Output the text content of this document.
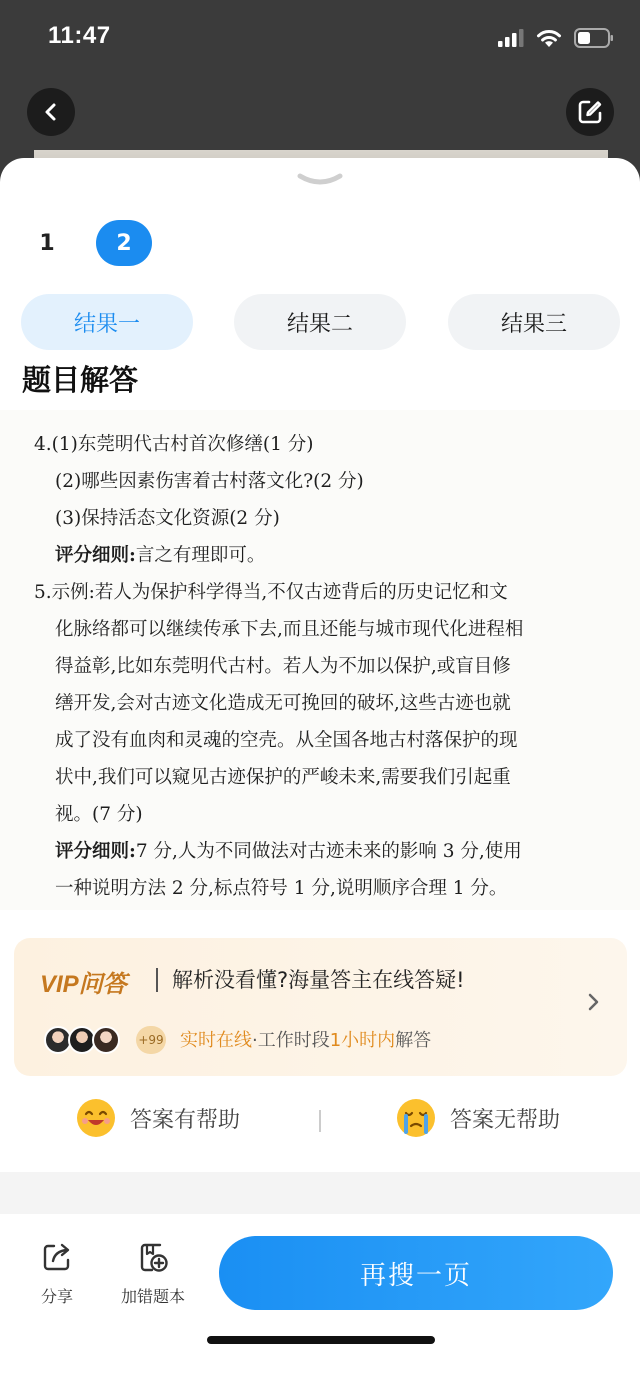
11:47
1	2
结果一	结果二	结果三
题目解答
4.(1)东莞明代古村首次修缮(1 分)
(2)哪些因素伤害着古村落文化?(2 分)
(3)保持活态文化资源(2 分)
评分细则:言之有理即可。
5.示例:若人为保护科学得当,不仅古迹背后的历史记忆和文
化脉络都可以继续传承下去,而且还能与城市现代化进程相
得益彰,比如东莞明代古村。若人为不加以保护,或盲目修
缮开发,会对古迹文化造成无可挽回的破坏,这些古迹也就
成了没有血肉和灵魂的空壳。从全国各地古村落保护的现
状中,我们可以窥见古迹保护的严峻未来,需要我们引起重
视。(7 分)
评分细则:7 分,人为不同做法对古迹未来的影响 3 分,使用
一种说明方法 2 分,标点符号 1 分,说明顺序合理 1 分。
VIP问答 解析没看懂?海量答主在线答疑!
+99 实时在线·工作时段1小时内解答
答案有帮助	答案无帮助
分享	加错题本
再搜一页
